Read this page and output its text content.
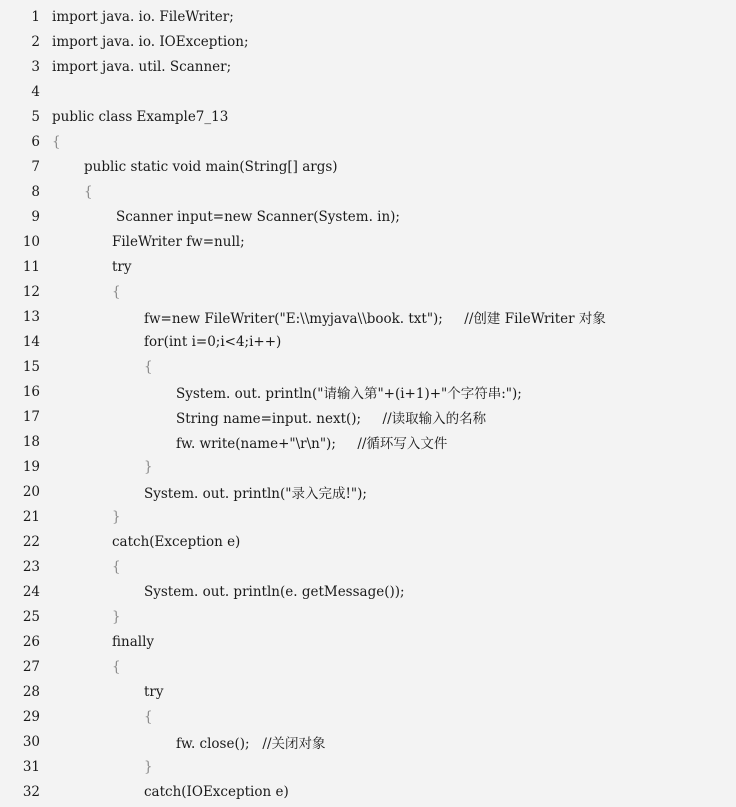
1 import java. io. FileWriter;
2 import java. io. IOException;
3 import java. util. Scanner;
4
5 public class Example7_13
6 {
7	public static void main(String[] args)
8	{
9	Scanner input=new Scanner(System. in);
10	FileWriter fw=null;
11	try
12	{
13	fw=new FileWriter("E:\\myjava\\book. txt");     //创建 FileWriter 对象
14	for(int i=0;i<4;i++)
15	{
16	System. out. println("请输入第"+(i+1)+"个字符串:");
17	String name=input. next();     //读取输入的名称
18	fw. write(name+"\r\n");     //循环写入文件
19	}
20	System. out. println("录入完成!");
21	}
22	catch(Exception e)
23	{
24	System. out. println(e. getMessage());
25	}
26	finally
27	{
28	try
29	{
30	fw. close();   //关闭对象
31	}
32	catch(IOException e)
